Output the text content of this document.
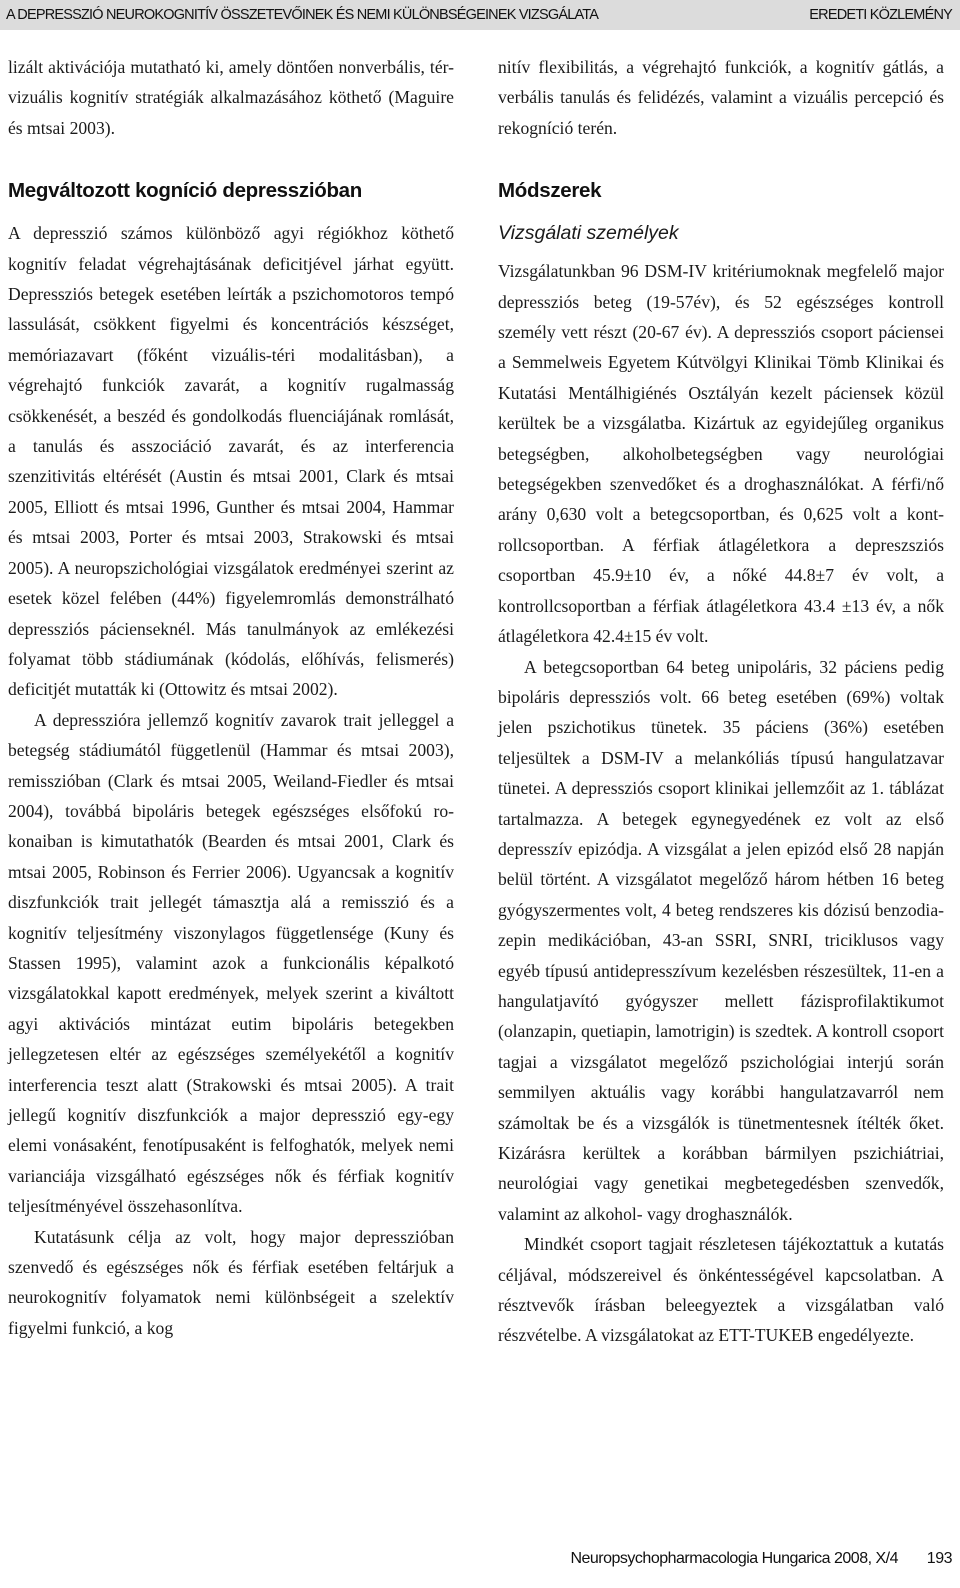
A DEPRESSZIÓ NEUROKOGNITÍV ÖSSZETEVŐINEK ÉS NEMI KÜLÖNBSÉGEINEK VIZSGÁLATA	EREDETI KÖZLEMÉNY

lizált aktivációja mutatható ki, amely döntően nonverbális, tér-vizuális kognitív stratégiák alkalmazásához köthető (Maguire és mtsai 2003).

Megváltozott kogníció depresszióban

A depresszió számos különböző agyi régiókhoz köthető kognitív feladat végrehajtásának deficitjével járhat együtt. Depressziós betegek esetében leírták a pszichomotoros tempó lassulását, csökkent figyelmi és koncentrációs készséget, memóriazavart (főként vizuális-téri modalitásban), a végrehajtó funkciók zavarát, a kognitív rugalmasság csökkenését, a beszéd és gondolkodás fluenciájának romlását, a tanulás és asszociáció zavarát, és az interferencia szenzitivitás eltérését (Austin és mtsai 2001, Clark és mtsai 2005, Elliott és mtsai 1996, Gunther és mtsai 2004, Hammar és mtsai 2003, Porter és mtsai 2003, Strakowski és mtsai 2005). A neuropszichológiai vizsgálatok eredményei szerint az esetek közel felében (44%) figyelemromlás demonstrálható depressziós pácienseknél. Más tanulmányok az emlékezési folyamat több stádiumának (kódolás, előhívás, felismerés) deficitjét mutatták ki (Ottowitz és mtsai 2002).

A depresszióra jellemző kognitív zavarok trait jelleggel a betegség stádiumától függetlenül (Hammar és mtsai 2003), remisszióban (Clark és mtsai 2005, Weiland-Fiedler és mtsai 2004), továbbá bipoláris betegek egészséges elsőfokú rokonaiban is kimutathatók (Bearden és mtsai 2001, Clark és mtsai 2005, Robinson és Ferrier 2006). Ugyancsak a kognitív diszfunkciók trait jellegét támasztja alá a remisszió és a kognitív teljesítmény viszonylagos függetlensége (Kuny és Stassen 1995), valamint azok a funkcionális képalkotó vizsgálatokkal kapott eredmények, melyek szerint a kiváltott agyi aktivációs mintázat eutim bipoláris betegekben jellegzetesen eltér az egészséges személyekétől a kognitív interferencia teszt alatt (Strakowski és mtsai 2005). A trait jellegű kognitív diszfunkciók a major depresszió egy-egy elemi vonásaként, fenotípusaként is felfoghatók, melyek nemi varianciája vizsgálható egészséges nők és férfiak kognitív teljesítményével összehasonlítva.

Kutatásunk célja az volt, hogy major depresszióban szenvedő és egészséges nők és férfiak esetében feltárjuk a neurokognitív folyamatok nemi különbségeit a szelektív figyelmi funkció, a kog

nitív flexibilitás, a végrehajtó funkciók, a kognitív gátlás, a verbális tanulás és felidézés, valamint a vizuális percepció és rekogníció terén.

Módszerek
Vizsgálati személyek

Vizsgálatunkban 96 DSM-IV kritériumoknak megfelelő major depressziós beteg (19-57év), és 52 egészséges kontroll személy vett részt (20-67 év). A depressziós csoport páciensei a Semmelweis Egyetem Kútvölgyi Klinikai Tömb Klinikai és Kutatási Mentálhigiénés Osztályán kezelt páciensek közül kerültek be a vizsgálatba. Kizártuk az egyidejűleg organikus betegségben, alkoholbetegségben vagy neurológiai betegségekben szenvedőket és a droghasználókat. A férfi/nő arány 0,630 volt a betegcsoportban, és 0,625 volt a kontrollcsoportban. A férfiak átlagéletkora a depreszsziós csoportban 45.9±10 év, a nőké 44.8±7 év volt, a kontrollcsoportban a férfiak átlagéletkora 43.4 ±13 év, a nők átlagéletkora 42.4±15 év volt.

A betegcsoportban 64 beteg unipoláris, 32 páciens pedig bipoláris depressziós volt. 66 beteg esetében (69%) voltak jelen pszichotikus tünetek. 35 páciens (36%) esetében teljesültek a DSM-IV a melankóliás típusú hangulatzavar tünetei. A depressziós csoport klinikai jellemzőit az 1. táblázat tartalmazza. A betegek egynegyedének ez volt az első depresszív epizódja. A vizsgálat a jelen epizód első 28 napján belül történt. A vizsgálatot megelőző három hétben 16 beteg gyógyszermentes volt, 4 beteg rendszeres kis dózisú benzodiazepin medikációban, 43-an SSRI, SNRI, triciklusos vagy egyéb típusú antidepresszívum kezelésben részesültek, 11-en a hangulatjavító gyógyszer mellett fázisprofilaktikumot (olanzapin, quetiapin, lamotrigin) is szedtek. A kontroll csoport tagjai a vizsgálatot megelőző pszichológiai interjú során semmilyen aktuális vagy korábbi hangulatzavarról nem számoltak be és a vizsgálók is tünetmentesnek ítélték őket. Kizárásra kerültek a korábban bármilyen pszichiátriai, neurológiai vagy genetikai megbetegedésben szenvedők, valamint az alkohol- vagy droghasználók.

Mindkét csoport tagjait részletesen tájékoztattuk a kutatás céljával, módszereivel és önkéntességével kapcsolatban. A résztvevők írásban beleegyeztek a vizsgálatban való részvételbe. A vizsgálatokat az ETT-TUKEB engedélyezte.

Neuropsychopharmacologia Hungarica 2008, X/4 193
